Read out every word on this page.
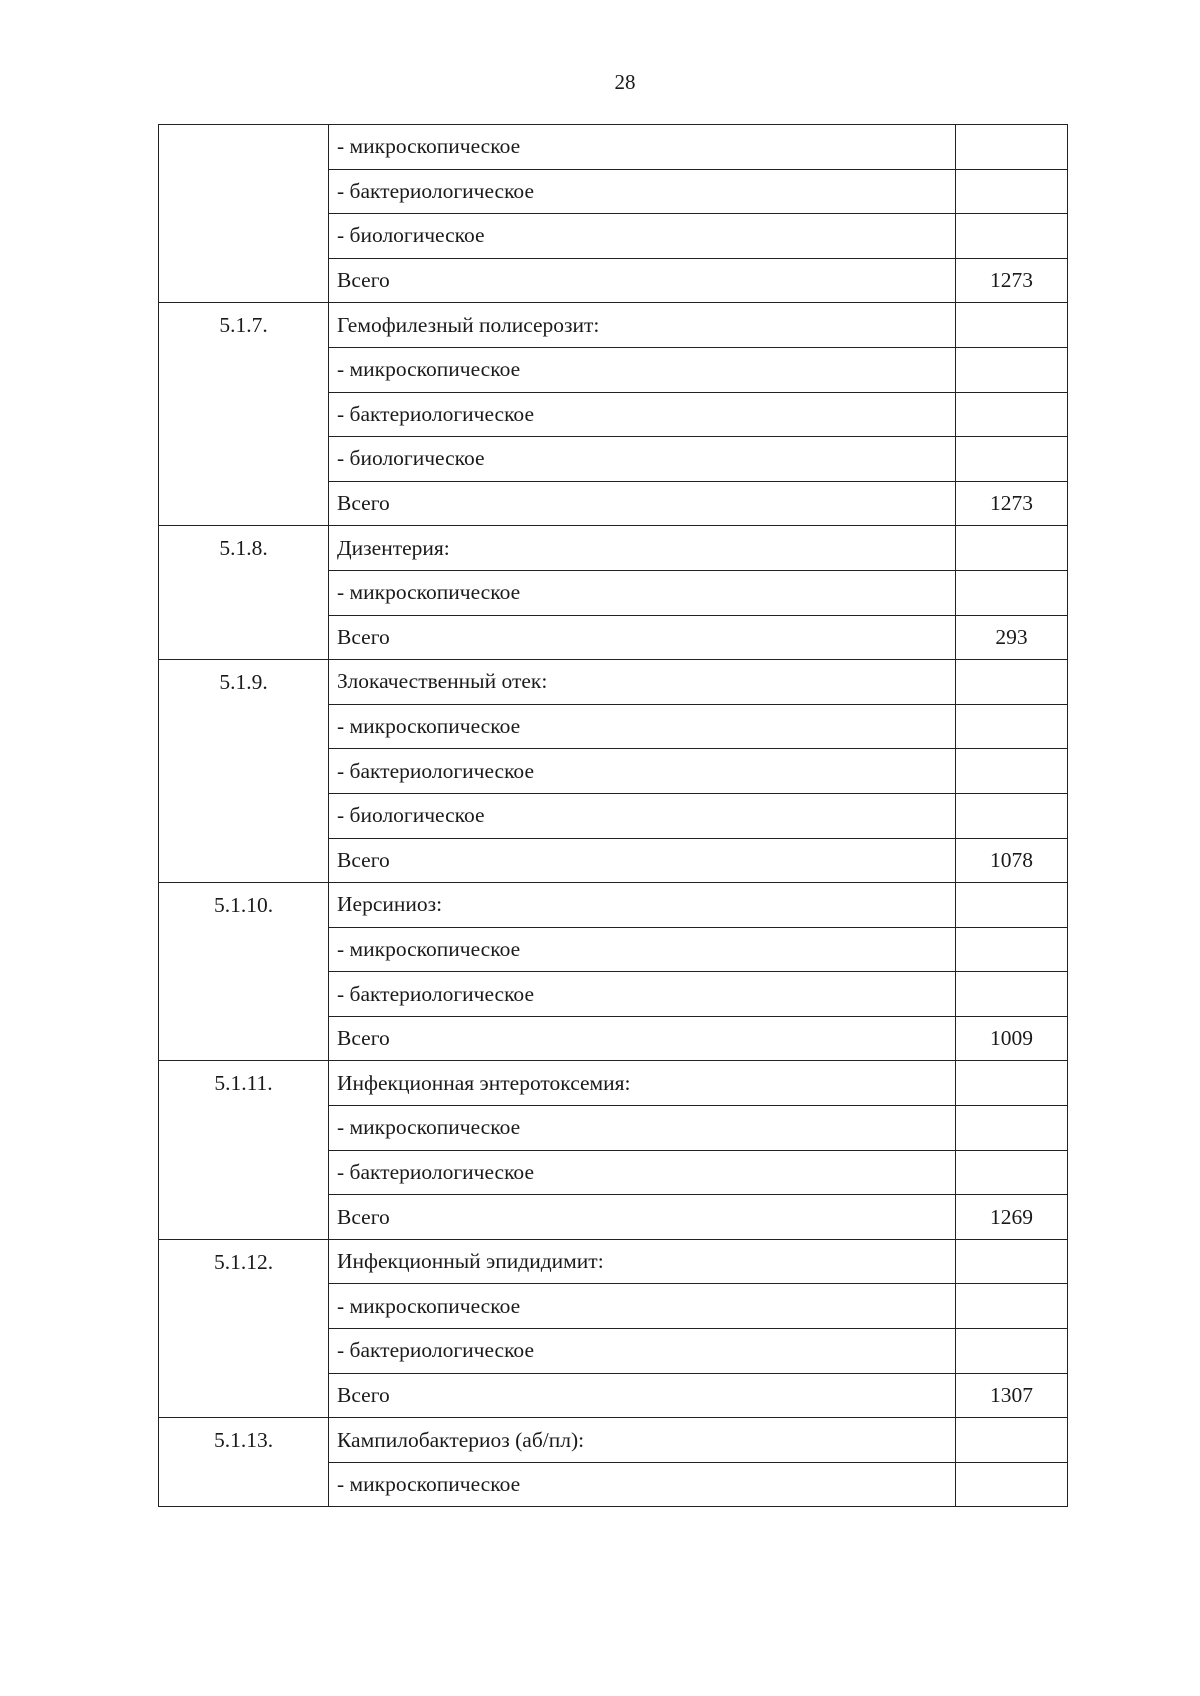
28
	- микроскопическое	
	- бактериологическое	
	- биологическое	
	Всего	1273
5.1.7.	Гемофилезный полисерозит:	
	- микроскопическое	
	- бактериологическое	
	- биологическое	
	Всего	1273
5.1.8.	Дизентерия:	
	- микроскопическое	
	Всего	293
5.1.9.	Злокачественный отек:	
	- микроскопическое	
	- бактериологическое	
	- биологическое	
	Всего	1078
5.1.10.	Иерсиниоз:	
	- микроскопическое	
	- бактериологическое	
	Всего	1009
5.1.11.	Инфекционная энтеротоксемия:	
	- микроскопическое	
	- бактериологическое	
	Всего	1269
5.1.12.	Инфекционный эпидидимит:	
	- микроскопическое	
	- бактериологическое	
	Всего	1307
5.1.13.	Кампилобактериоз (аб/пл):	
	- микроскопическое	
